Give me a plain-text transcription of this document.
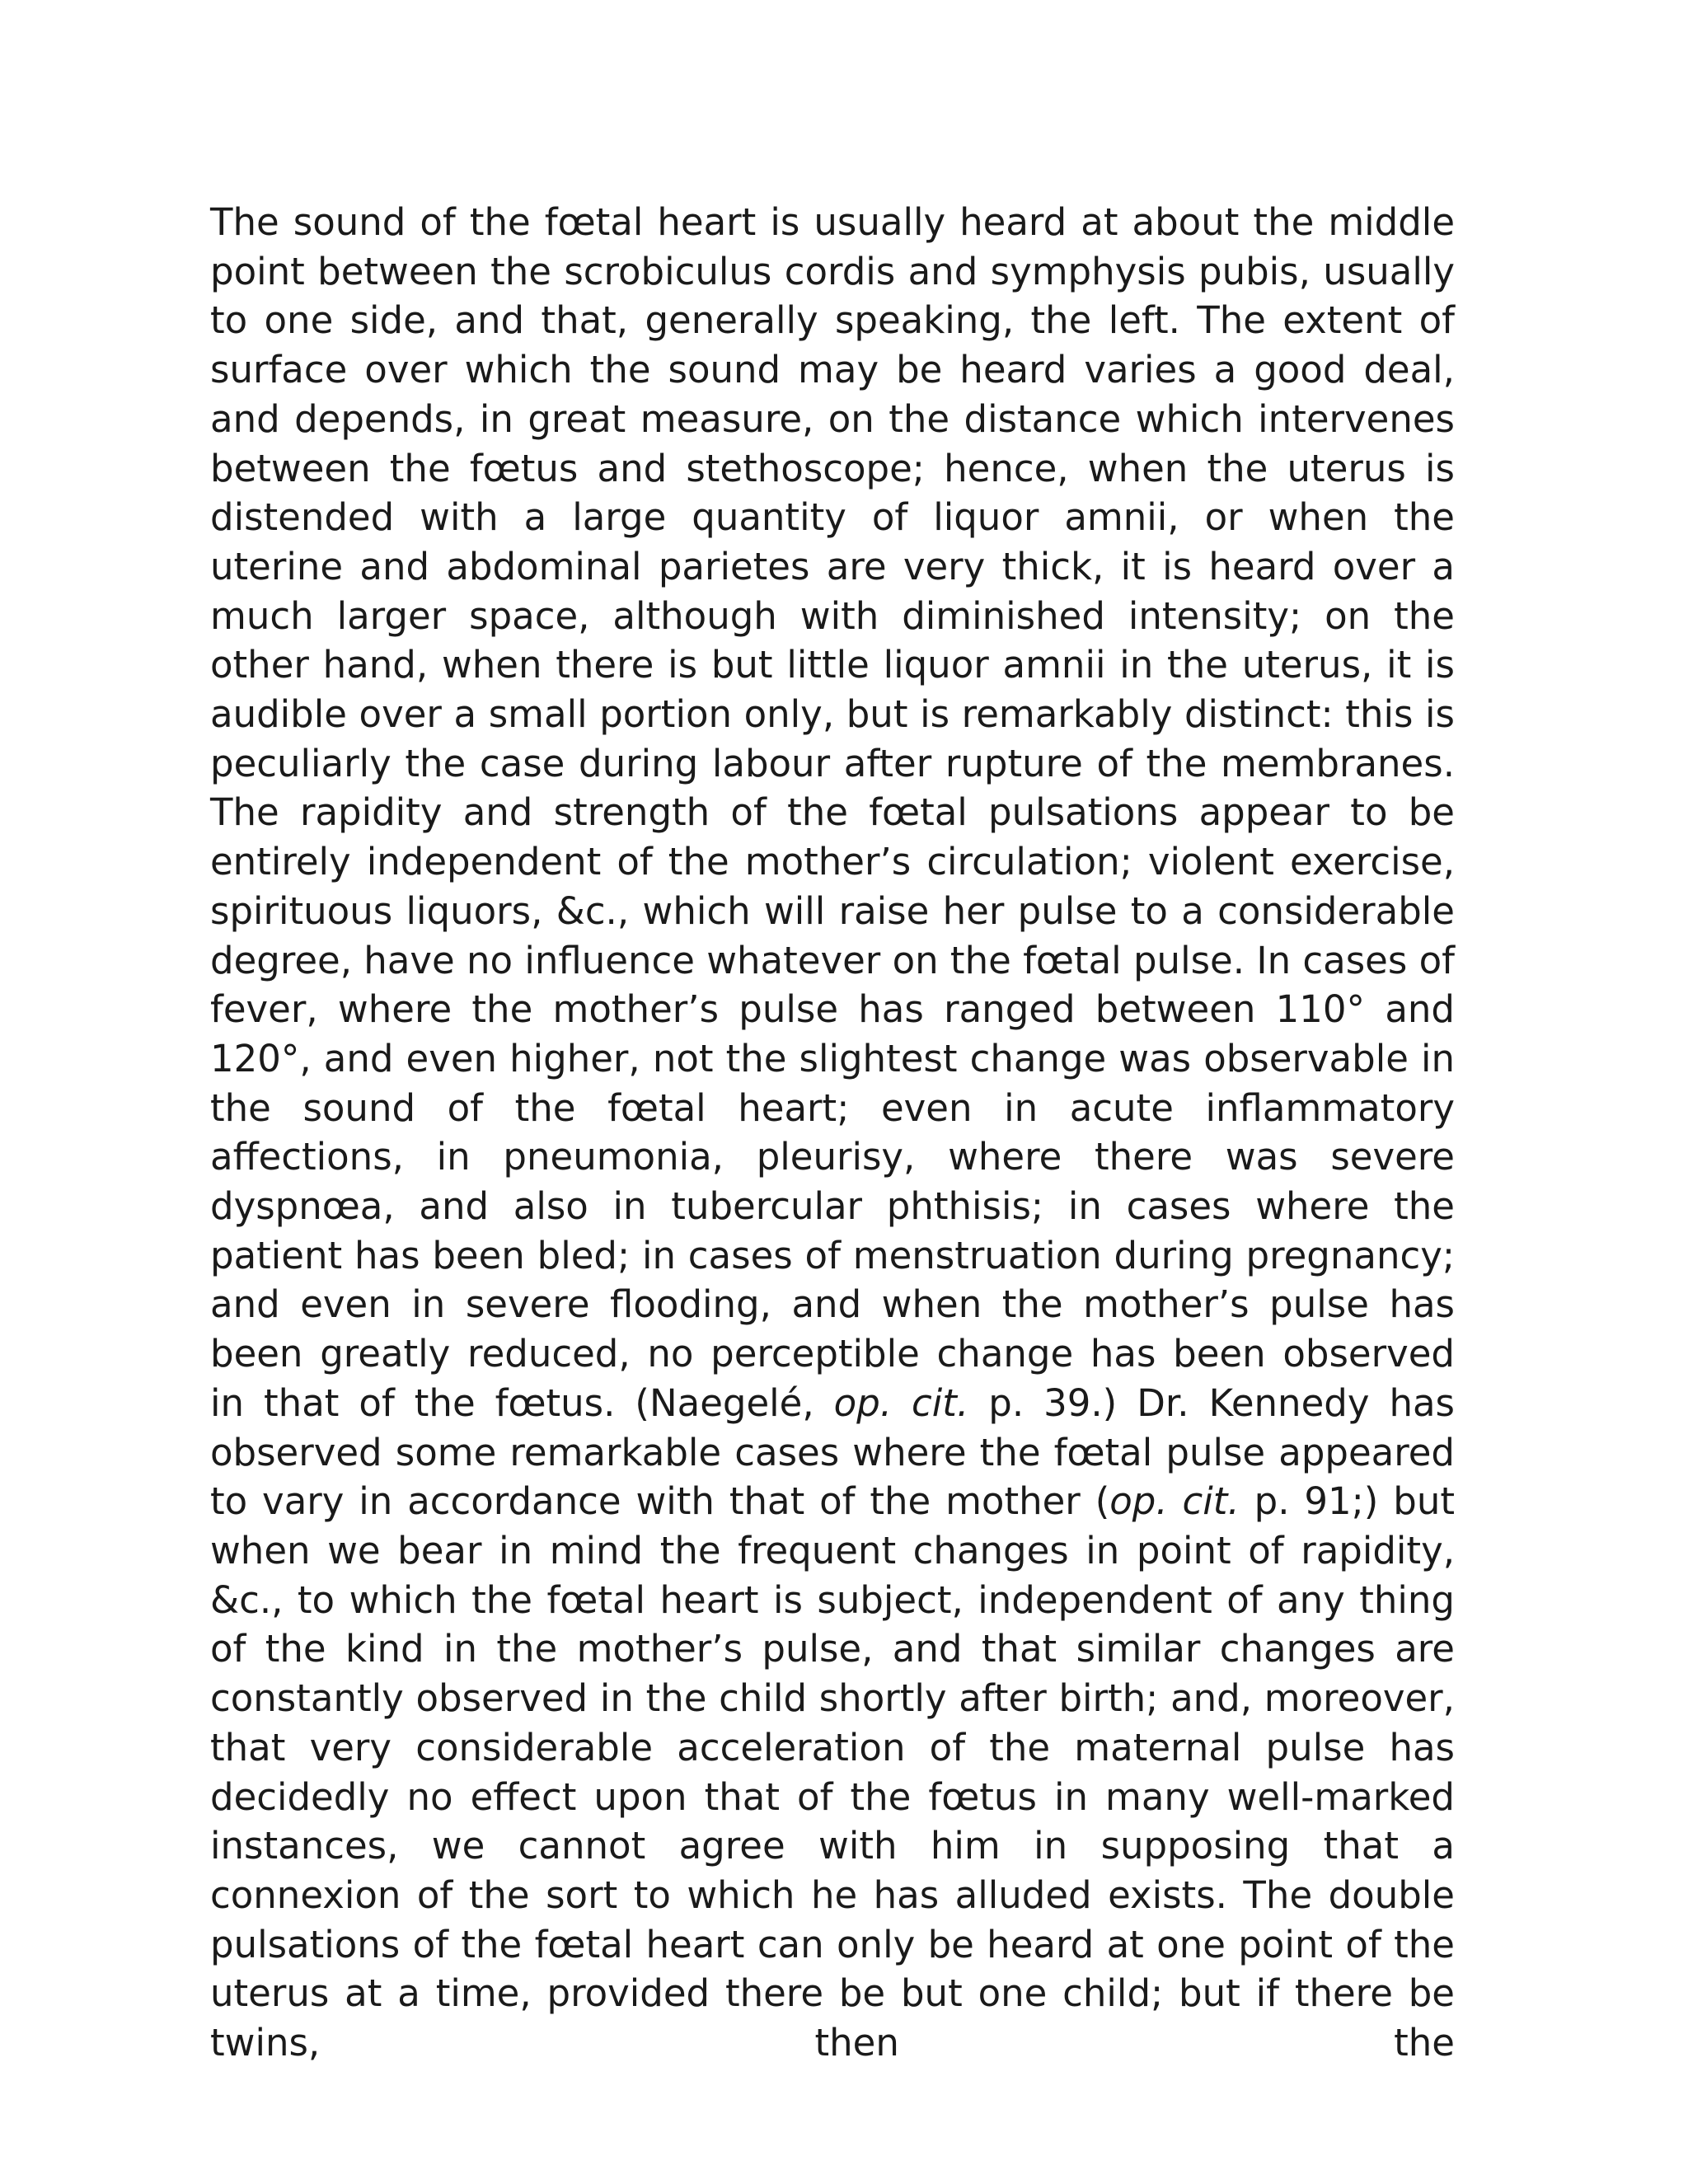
The sound of the fœtal heart is usually heard at about the middle point between the scrobiculus cordis and symphysis pubis, usually to one side, and that, generally speaking, the left. The extent of surface over which the sound may be heard varies a good deal, and depends, in great measure, on the distance which intervenes between the fœtus and stethoscope; hence, when the uterus is distended with a large quantity of liquor amnii, or when the uterine and abdominal parietes are very thick, it is heard over a much larger space, although with diminished intensity; on the other hand, when there is but little liquor amnii in the uterus, it is audible over a small portion only, but is remarkably distinct: this is peculiarly the case during labour after rupture of the membranes. The rapidity and strength of the fœtal pulsations appear to be entirely independent of the mother’s circulation; violent exercise, spirituous liquors, &c., which will raise her pulse to a considerable degree, have no influence whatever on the fœtal pulse. In cases of fever, where the mother’s pulse has ranged between 110° and 120°, and even higher, not the slightest change was observable in the sound of the fœtal heart; even in acute inflammatory affections, in pneumonia, pleurisy, where there was severe dyspnœa, and also in tubercular phthisis; in cases where the patient has been bled; in cases of menstruation during pregnancy; and even in severe flooding, and when the mother’s pulse has been greatly reduced, no perceptible change has been observed in that of the fœtus. (Naegelé, op. cit. p. 39.) Dr. Kennedy has observed some remarkable cases where the fœtal pulse appeared to vary in accordance with that of the mother (op. cit. p. 91;) but when we bear in mind the frequent changes in point of rapidity, &c., to which the fœtal heart is subject, independent of any thing of the kind in the mother’s pulse, and that similar changes are constantly observed in the child shortly after birth; and, moreover, that very considerable acceleration of the maternal pulse has decidedly no effect upon that of the fœtus in many well-marked instances, we cannot agree with him in supposing that a connexion of the sort to which he has alluded exists. The double pulsations of the fœtal heart can only be heard at one point of the uterus at a time, provided there be but one child; but if there be twins, then the
